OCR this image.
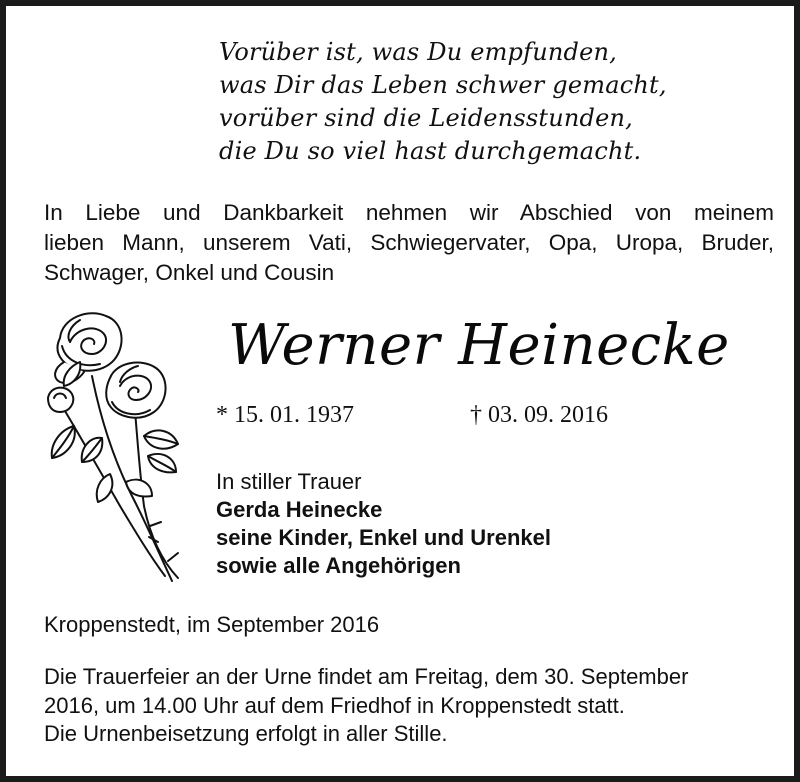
Vorüber ist, was Du empfunden,
was Dir das Leben schwer gemacht,
vorüber sind die Leidensstunden,
die Du so viel hast durchgemacht.
In Liebe und Dankbarkeit nehmen wir Abschied von meinem
lieben Mann, unserem Vati, Schwiegervater, Opa, Uropa, Bruder,
Schwager, Onkel und Cousin
Werner Heinecke
* 15. 01. 1937	† 03. 09. 2016
In stiller Trauer
Gerda Heinecke
seine Kinder, Enkel und Urenkel
sowie alle Angehörigen
Kroppenstedt, im September 2016
Die Trauerfeier an der Urne findet am Freitag, dem 30. September
2016, um 14.00 Uhr auf dem Friedhof in Kroppenstedt statt.
Die Urnenbeisetzung erfolgt in aller Stille.
